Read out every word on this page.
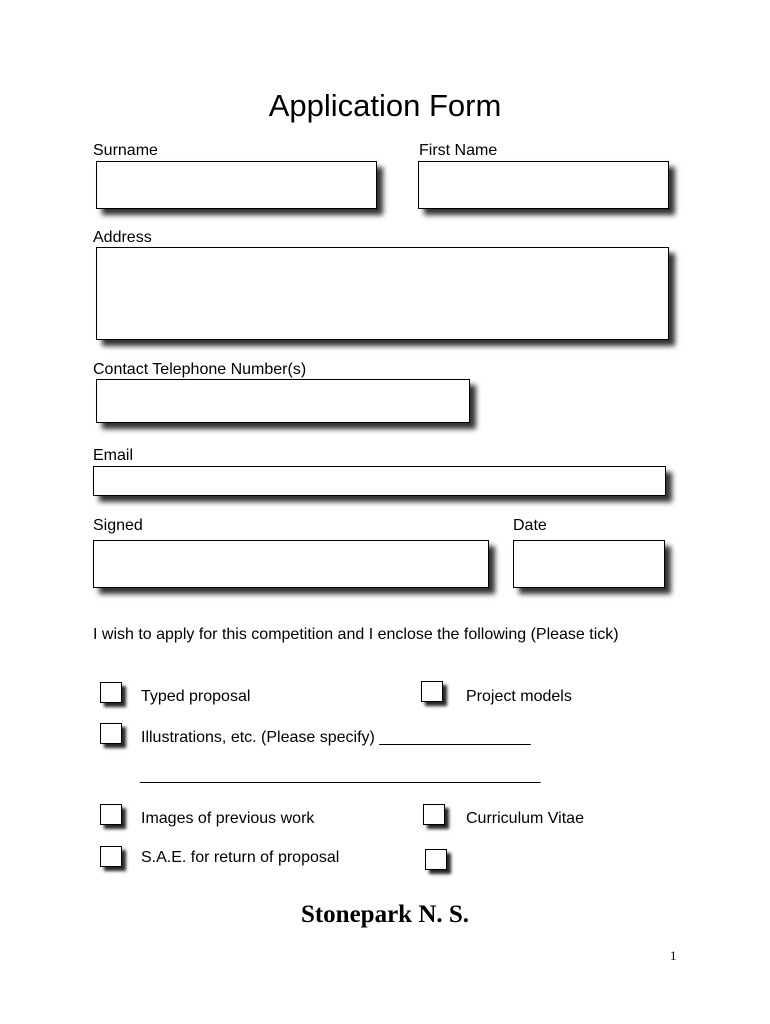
Application Form
Surname	First Name
Address
Contact Telephone Number(s)
Email
Signed	Date
I wish to apply for this competition and I enclose the following (Please tick)
Typed proposal	Project models
Illustrations, etc. (Please specify) _________________
_____________________________________________
Images of previous work	Curriculum Vitae
S.A.E. for return of proposal
Stonepark N. S.
1
